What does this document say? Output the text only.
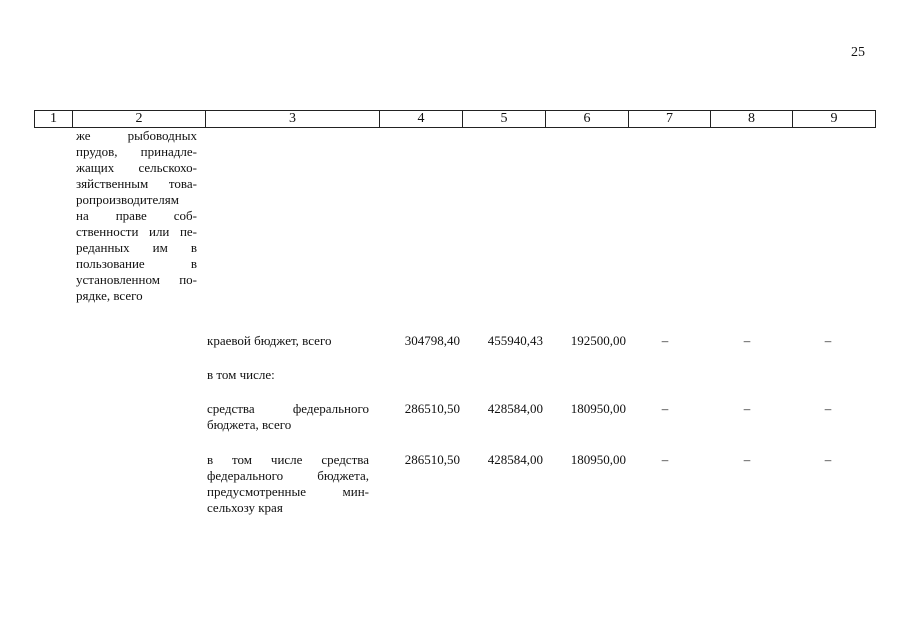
25
1	2	3	4	5	6	7	8	9
же рыбоводных
прудов, принадле-
жащих сельскохо-
зяйственным това-
ропроизводителям
на праве соб-
ственности или пе-
реданных им в
пользование в
установленном по-
рядке, всего
краевой бюджет, всего	304798,40	455940,43	192500,00	–	–	–
в том числе:
средства федерального
бюджета, всего
286510,50	428584,00	180950,00	–	–	–
в том числе средства
федерального бюджета,
предусмотренные мин-
сельхозу края
286510,50	428584,00	180950,00	–	–	–
